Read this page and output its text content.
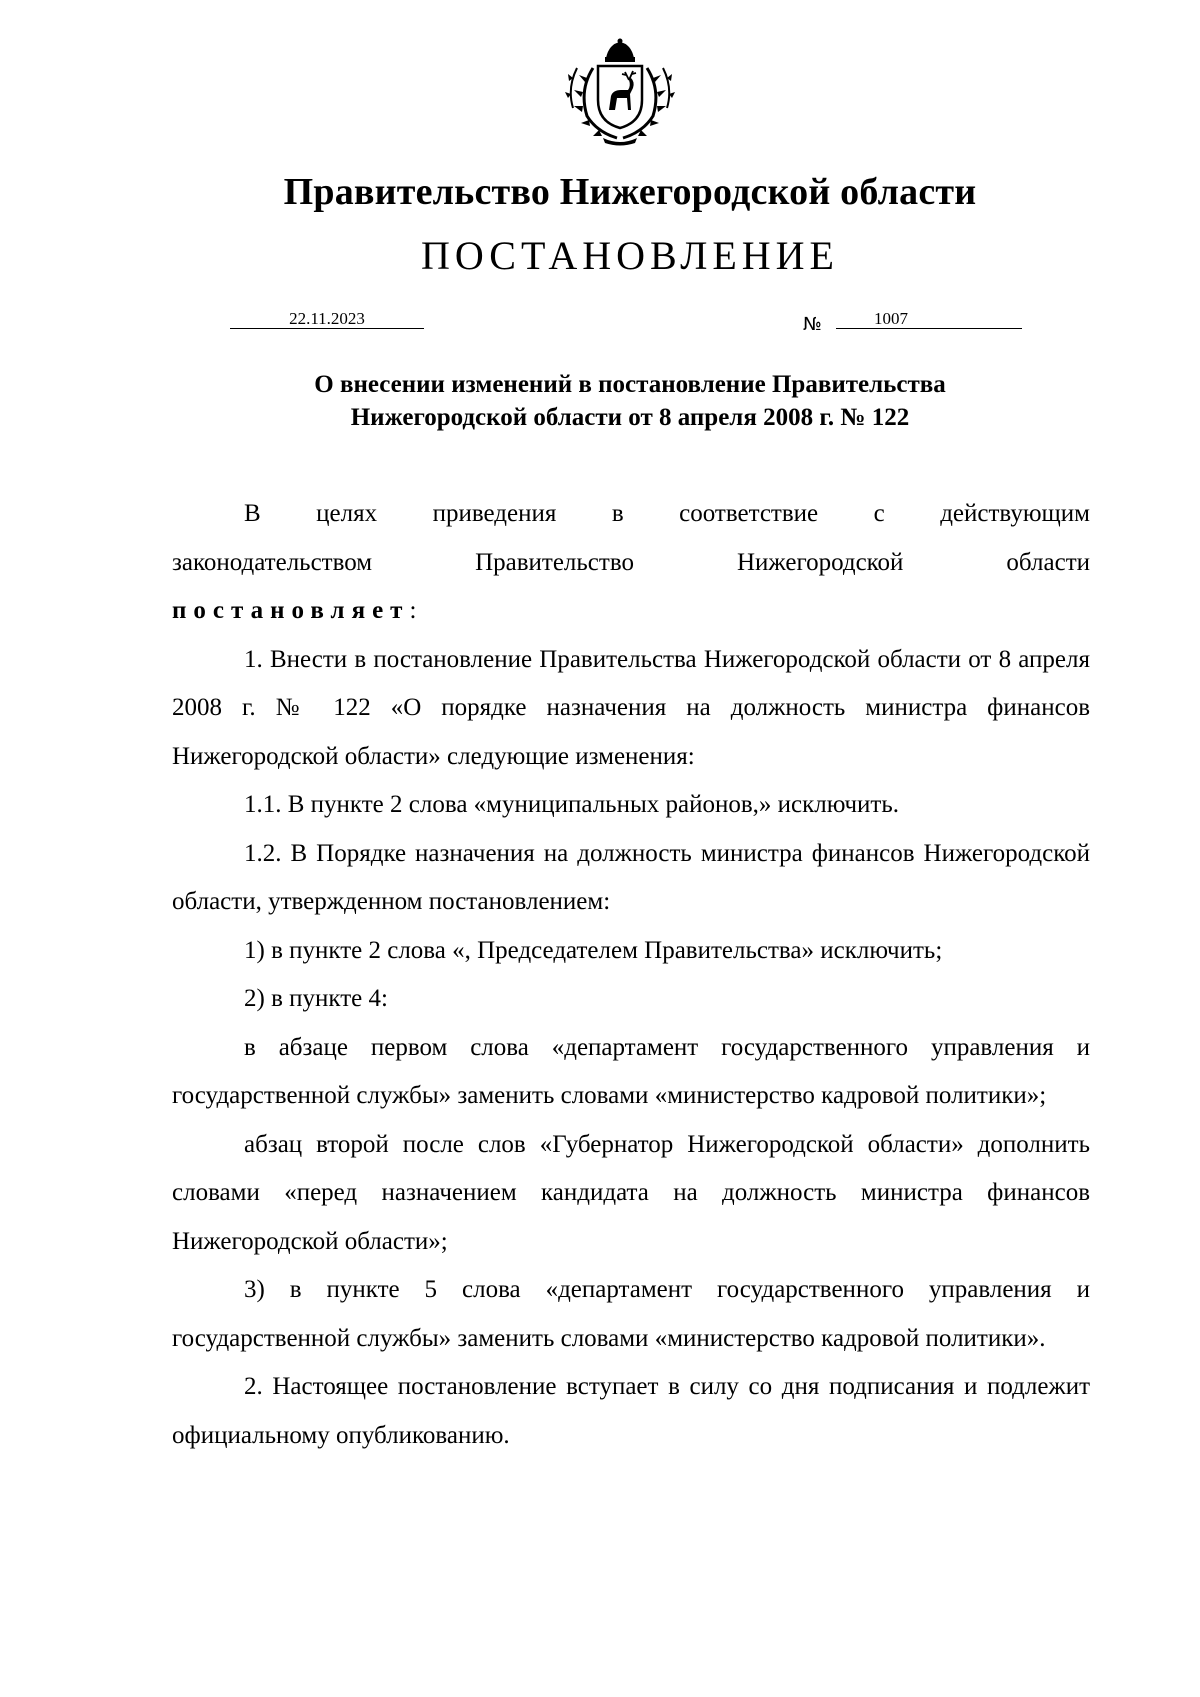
Правительство Нижегородской области
ПОСТАНОВЛЕНИЕ
22.11.2023	№	1007
О внесении изменений в постановление Правительства
Нижегородской области от 8 апреля 2008 г. № 122

В целях приведения в соответствие с действующим

законодательством Правительство Нижегородской области

постановляет:

1. Внести в постановление Правительства Нижегородской области от 8 апреля 2008 г. № 122 «О порядке назначения на должность министра финансов Нижегородской области» следующие изменения:

1.1. В пункте 2 слова «муниципальных районов,» исключить.

1.2. В Порядке назначения на должность министра финансов Нижегородской области, утвержденном постановлением:

1) в пункте 2 слова «, Председателем Правительства» исключить;

2) в пункте 4:

в абзаце первом слова «департамент государственного управления и государственной службы» заменить словами «министерство кадровой политики»;

абзац второй после слов «Губернатор Нижегородской области» дополнить словами «перед назначением кандидата на должность министра финансов Нижегородской области»;

3) в пункте 5 слова «департамент государственного управления и государственной службы» заменить словами «министерство кадровой политики».

2. Настоящее постановление вступает в силу со дня подписания и подлежит официальному опубликованию.
